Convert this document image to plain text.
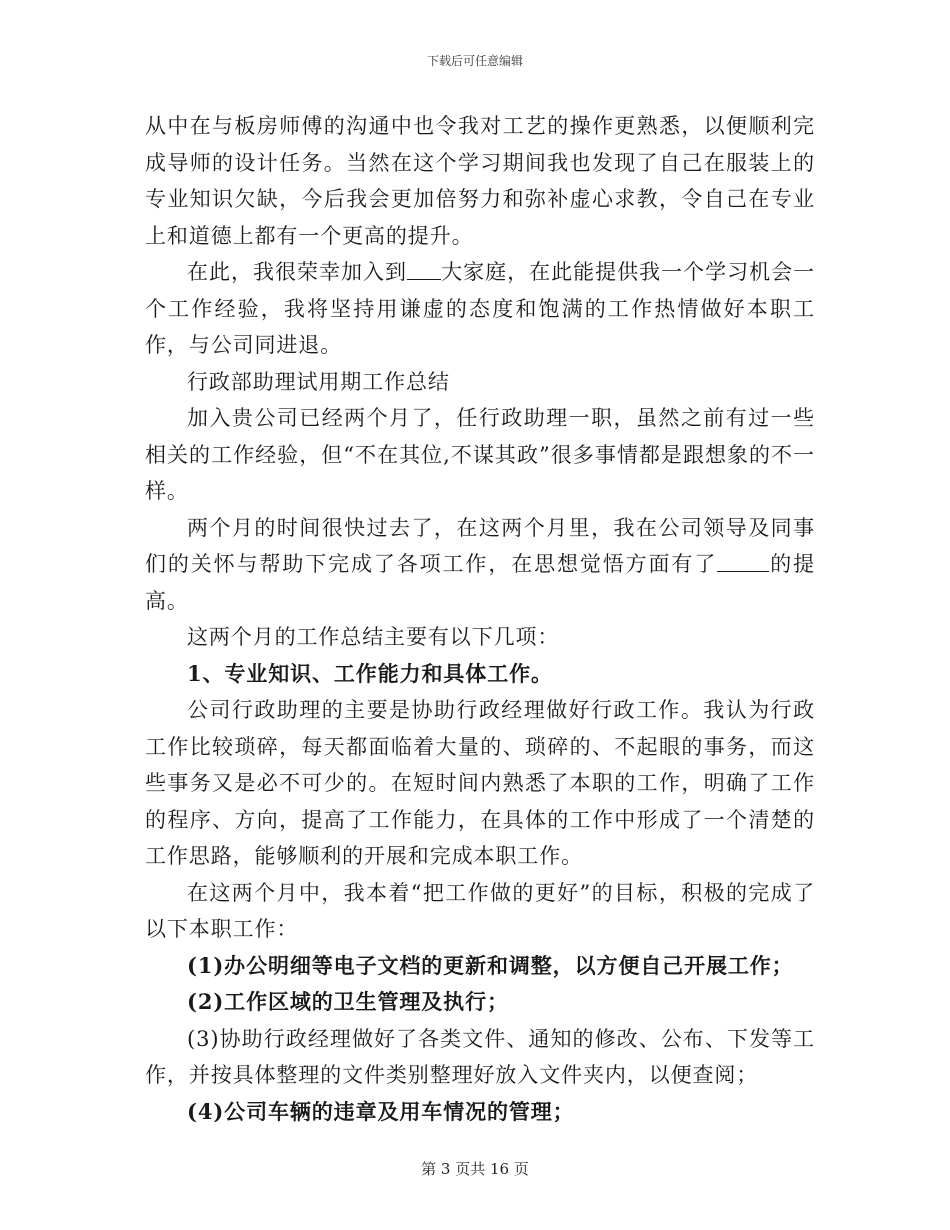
下载后可任意编辑

从中在与板房师傅的沟通中也令我对工艺的操作更熟悉，以便顺利完成导师的设计任务。当然在这个学习期间我也发现了自己在服装上的专业知识欠缺，今后我会更加倍努力和弥补虚心求教，令自己在专业上和道德上都有一个更高的提升。

在此，我很荣幸加入到 大家庭，在此能提供我一个学习机会一个工作经验，我将坚持用谦虚的态度和饱满的工作热情做好本职工作，与公司同进退。

行政部助理试用期工作总结

加入贵公司已经两个月了，任行政助理一职，虽然之前有过一些相关的工作经验，但“不在其位,不谋其政”很多事情都是跟想象的不一样。

两个月的时间很快过去了，在这两个月里，我在公司领导及同事们的关怀与帮助下完成了各项工作，在思想觉悟方面有了 的提高。

这两个月的工作总结主要有以下几项：

1、专业知识、工作能力和具体工作。

公司行政助理的主要是协助行政经理做好行政工作。我认为行政工作比较琐碎，每天都面临着大量的、琐碎的、不起眼的事务，而这些事务又是必不可少的。在短时间内熟悉了本职的工作，明确了工作的程序、方向，提高了工作能力，在具体的工作中形成了一个清楚的工作思路，能够顺利的开展和完成本职工作。

在这两个月中，我本着“把工作做的更好”的目标，积极的完成了以下本职工作：

(1)办公明细等电子文档的更新和调整，以方便自己开展工作；

(2)工作区域的卫生管理及执行；

(3)协助行政经理做好了各类文件、通知的修改、公布、下发等工作，并按具体整理的文件类别整理好放入文件夹内，以便查阅；

(4)公司车辆的违章及用车情况的管理；

第 3 页共 16 页
